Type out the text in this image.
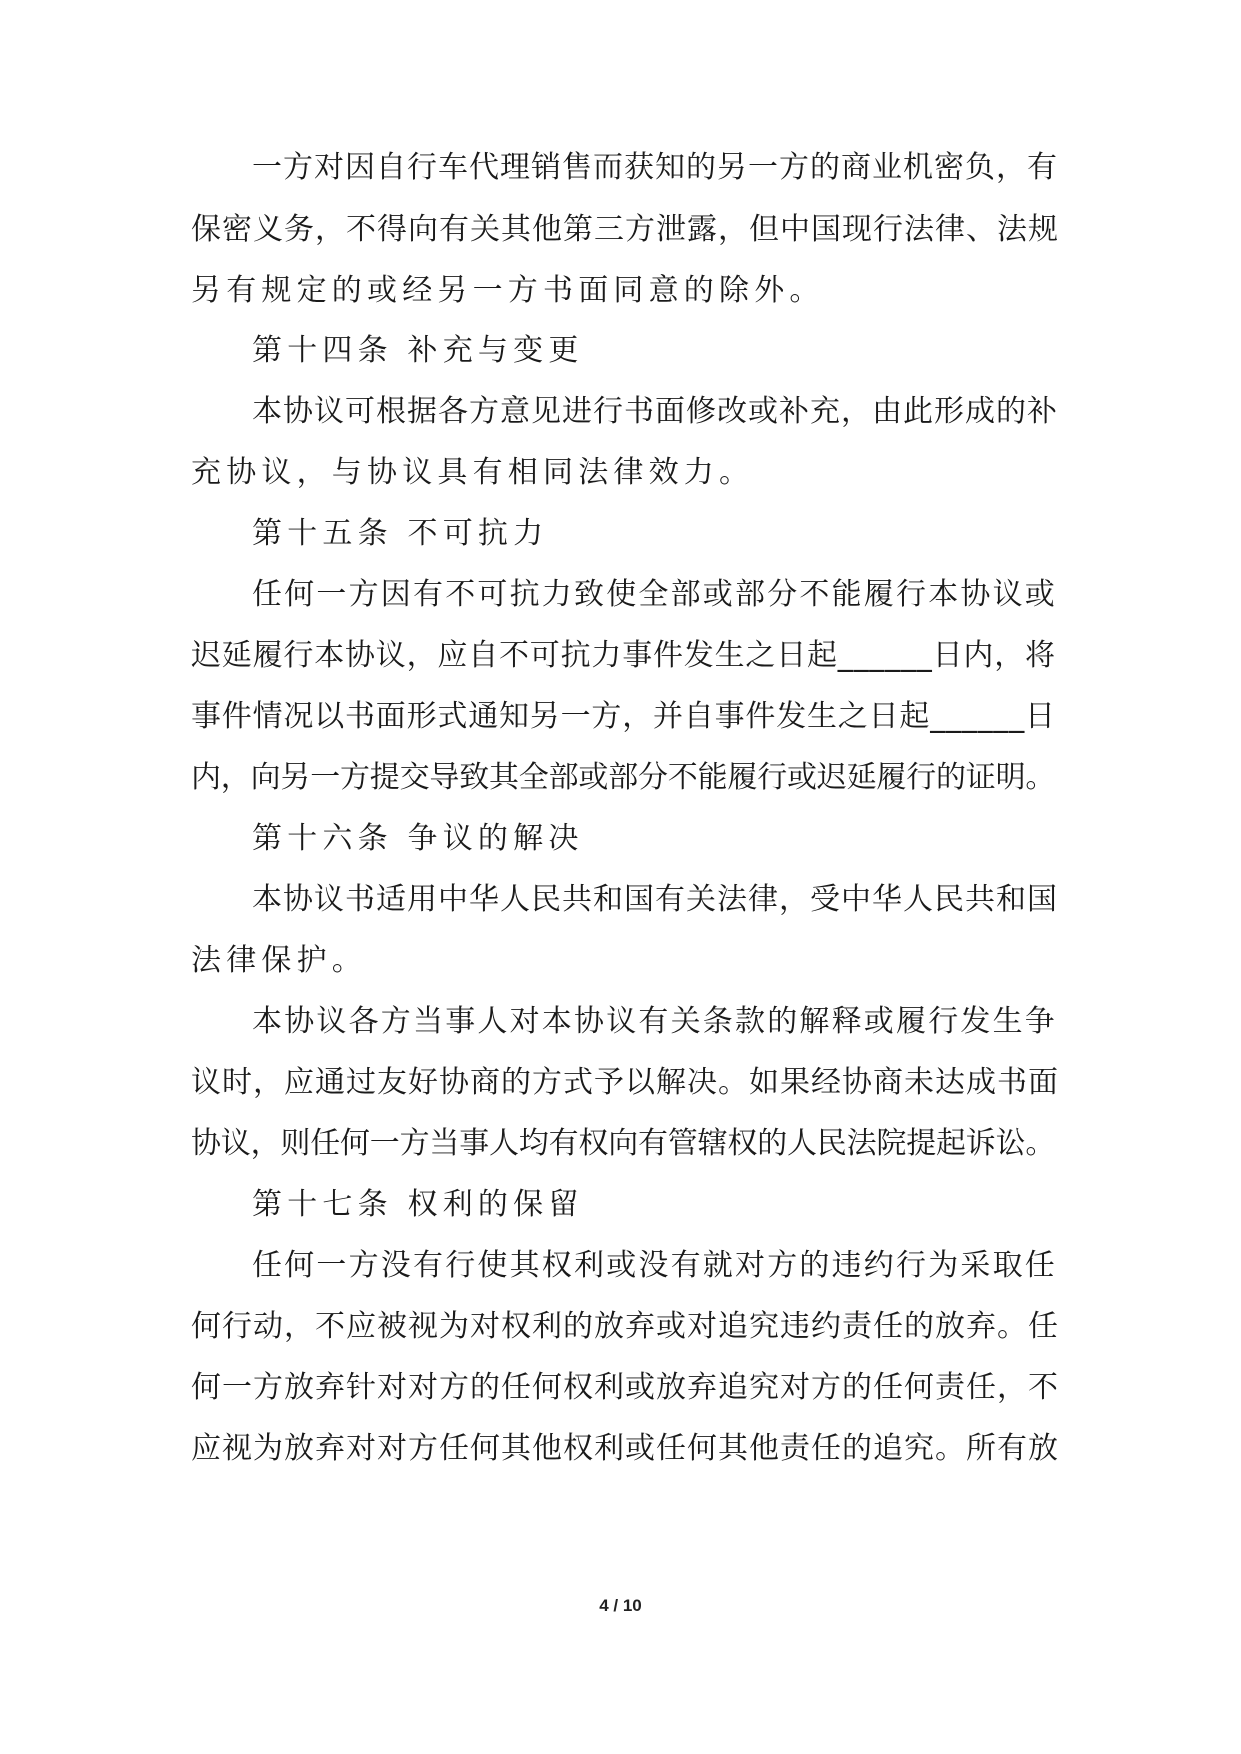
一方对因自行车代理销售而获知的另一方的商业机密负，有
保密义务，不得向有关其他第三方泄露，但中国现行法律、法规
另有规定的或经另一方书面同意的除外。
第十四条 补充与变更
本协议可根据各方意见进行书面修改或补充，由此形成的补
充协议，与协议具有相同法律效力。
第十五条 不可抗力
任何一方因有不可抗力致使全部或部分不能履行本协议或
迟延履行本协议，应自不可抗力事件发生之日起______日内，将
事件情况以书面形式通知另一方，并自事件发生之日起______日
内，向另一方提交导致其全部或部分不能履行或迟延履行的证明。
第十六条 争议的解决
本协议书适用中华人民共和国有关法律，受中华人民共和国
法律保护。
本协议各方当事人对本协议有关条款的解释或履行发生争
议时，应通过友好协商的方式予以解决。如果经协商未达成书面
协议，则任何一方当事人均有权向有管辖权的人民法院提起诉讼。
第十七条 权利的保留
任何一方没有行使其权利或没有就对方的违约行为采取任
何行动，不应被视为对权利的放弃或对追究违约责任的放弃。任
何一方放弃针对对方的任何权利或放弃追究对方的任何责任，不
应视为放弃对对方任何其他权利或任何其他责任的追究。所有放
4 / 10
